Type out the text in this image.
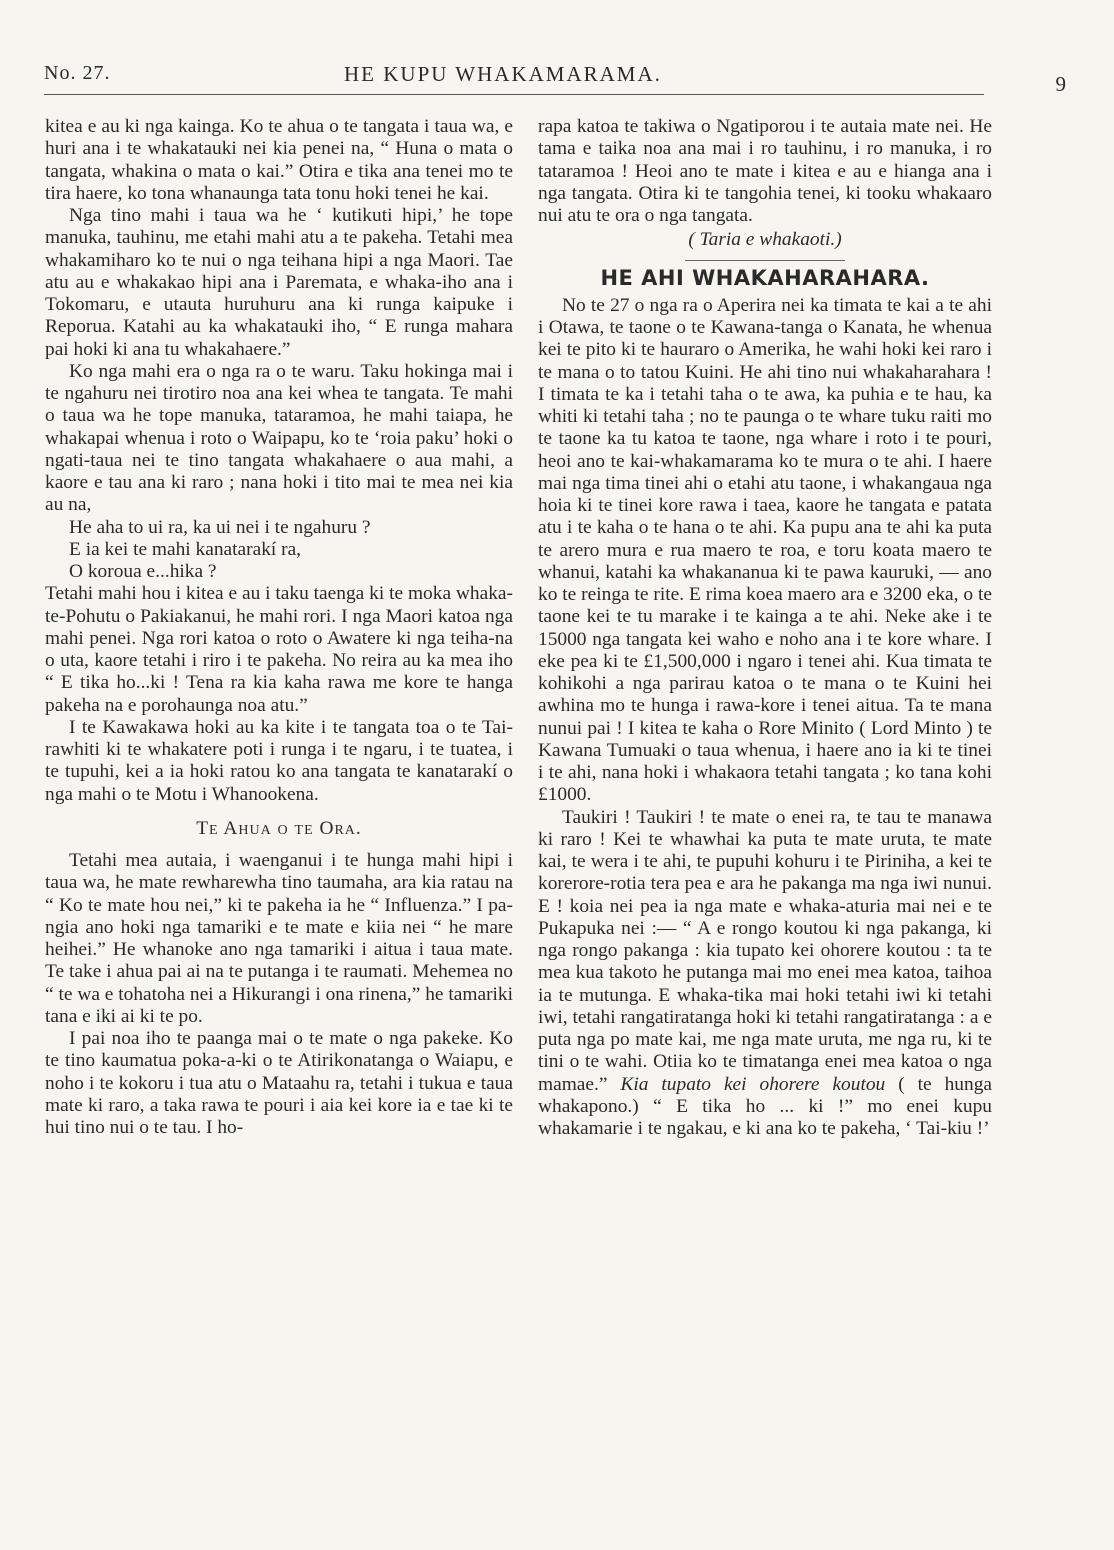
No. 27.	HE KUPU WHAKAMARAMA.	9

kitea e au ki nga kainga. Ko te ahua o te tangata i taua wa, e huri ana i te whakatauki nei kia penei na, “ Huna o mata o tangata, whakina o mata o kai.” Otira e tika ana tenei mo te tira haere, ko tona whanaunga tata tonu hoki tenei he kai.

Nga tino mahi i taua wa he ‘ kutikuti hipi,’ he tope manuka, tauhinu, me etahi mahi atu a te pakeha. Tetahi mea whakamiharo ko te nui o nga teihana hipi a nga Maori. Tae atu au e whakakao hipi ana i Paremata, e whaka-iho ana i Tokomaru, e utauta huruhuru ana ki runga kaipuke i Reporua. Katahi au ka whakatauki iho, “ E runga mahara pai hoki ki ana tu whakahaere.”

Ko nga mahi era o nga ra o te waru. Taku hokinga mai i te ngahuru nei tirotiro noa ana kei whea te tangata. Te mahi o taua wa he tope manuka, tataramoa, he mahi taiapa, he whakapai whenua i roto o Waipapu, ko te ‘roia paku’ hoki o ngati-taua nei te tino tangata whakahaere o aua mahi, a kaore e tau ana ki raro ; nana hoki i tito mai te mea nei kia au na,

He aha to ui ra, ka ui nei i te ngahuru ?

E ia kei te mahi kanatarakí ra,

O koroua e...hika ?

Tetahi mahi hou i kitea e au i taku taenga ki te moka whaka-te-Pohutu o Pakiakanui, he mahi rori. I nga Maori katoa nga mahi penei. Nga rori katoa o roto o Awatere ki nga teiha-na o uta, kaore tetahi i riro i te pakeha. No reira au ka mea iho “ E tika ho...ki ! Tena ra kia kaha rawa me kore te hanga pakeha na e porohaunga noa atu.”

I te Kawakawa hoki au ka kite i te tangata toa o te Tai-rawhiti ki te whakatere poti i runga i te ngaru, i te tuatea, i te tupuhi, kei a ia hoki ratou ko ana tangata te kanatarakí o nga mahi o te Motu i Whanookena.

Te Ahua o te Ora.

Tetahi mea autaia, i waenganui i te hunga mahi hipi i taua wa, he mate rewharewha tino taumaha, ara kia ratau na “ Ko te mate hou nei,” ki te pakeha ia he “ Influenza.” I pa-ngia ano hoki nga tamariki e te mate e kiia nei “ he mare heihei.” He whanoke ano nga tamariki i aitua i taua mate. Te take i ahua pai ai na te putanga i te raumati. Mehemea no “ te wa e tohatoha nei a Hikurangi i ona rinena,” he tamariki tana e iki ai ki te po.

I pai noa iho te paanga mai o te mate o nga pakeke. Ko te tino kaumatua poka-a-ki o te Atirikonatanga o Waiapu, e noho i te kokoru i tua atu o Mataahu ra, tetahi i tukua e taua mate ki raro, a taka rawa te pouri i aia kei kore ia e tae ki te hui tino nui o te tau. I ho-

rapa katoa te takiwa o Ngatiporou i te autaia mate nei. He tama e taika noa ana mai i ro tauhinu, i ro manuka, i ro tataramoa ! Heoi ano te mate i kitea e au e hianga ana i nga tangata. Otira ki te tangohia tenei, ki tooku whakaaro nui atu te ora o nga tangata.

( Taria e whakaoti.)

HE AHI WHAKAHARAHARA.

No te 27 o nga ra o Aperira nei ka timata te kai a te ahi i Otawa, te taone o te Kawana-tanga o Kanata, he whenua kei te pito ki te hauraro o Amerika, he wahi hoki kei raro i te mana o to tatou Kuini. He ahi tino nui whakaharahara ! I timata te ka i tetahi taha o te awa, ka puhia e te hau, ka whiti ki tetahi taha ; no te paunga o te whare tuku raiti mo te taone ka tu katoa te taone, nga whare i roto i te pouri, heoi ano te kai-whakamarama ko te mura o te ahi. I haere mai nga tima tinei ahi o etahi atu taone, i whakangaua nga hoia ki te tinei kore rawa i taea, kaore he tangata e patata atu i te kaha o te hana o te ahi. Ka pupu ana te ahi ka puta te arero mura e rua maero te roa, e toru koata maero te whanui, katahi ka whakananua ki te pawa kauruki, — ano ko te reinga te rite. E rima koea maero ara e 3200 eka, o te taone kei te tu marake i te kainga a te ahi. Neke ake i te 15000 nga tangata kei waho e noho ana i te kore whare. I eke pea ki te £1,500,000 i ngaro i tenei ahi. Kua timata te kohikohi a nga parirau katoa o te mana o te Kuini hei awhina mo te hunga i rawa-kore i tenei aitua. Ta te mana nunui pai ! I kitea te kaha o Rore Minito ( Lord Minto ) te Kawana Tumuaki o taua whenua, i haere ano ia ki te tinei i te ahi, nana hoki i whakaora tetahi tangata ; ko tana kohi £1000.

Taukiri ! Taukiri ! te mate o enei ra, te tau te manawa ki raro ! Kei te whawhai ka puta te mate uruta, te mate kai, te wera i te ahi, te pupuhi kohuru i te Piriniha, a kei te korerore-rotia tera pea e ara he pakanga ma nga iwi nunui. E ! koia nei pea ia nga mate e whaka-aturia mai nei e te Pukapuka nei :— “ A e rongo koutou ki nga pakanga, ki nga rongo pakanga : kia tupato kei ohorere koutou : ta te mea kua takoto he putanga mai mo enei mea katoa, taihoa ia te mutunga. E whaka-tika mai hoki tetahi iwi ki tetahi iwi, tetahi rangatiratanga hoki ki tetahi rangatiratanga : a e puta nga po mate kai, me nga mate uruta, me nga ru, ki te tini o te wahi. Otiia ko te timatanga enei mea katoa o nga mamae.” Kia tupato kei ohorere koutou ( te hunga whakapono.) “ E tika ho ... ki !” mo enei kupu whakamarie i te ngakau, e ki ana ko te pakeha, ‘ Tai-kiu !’
